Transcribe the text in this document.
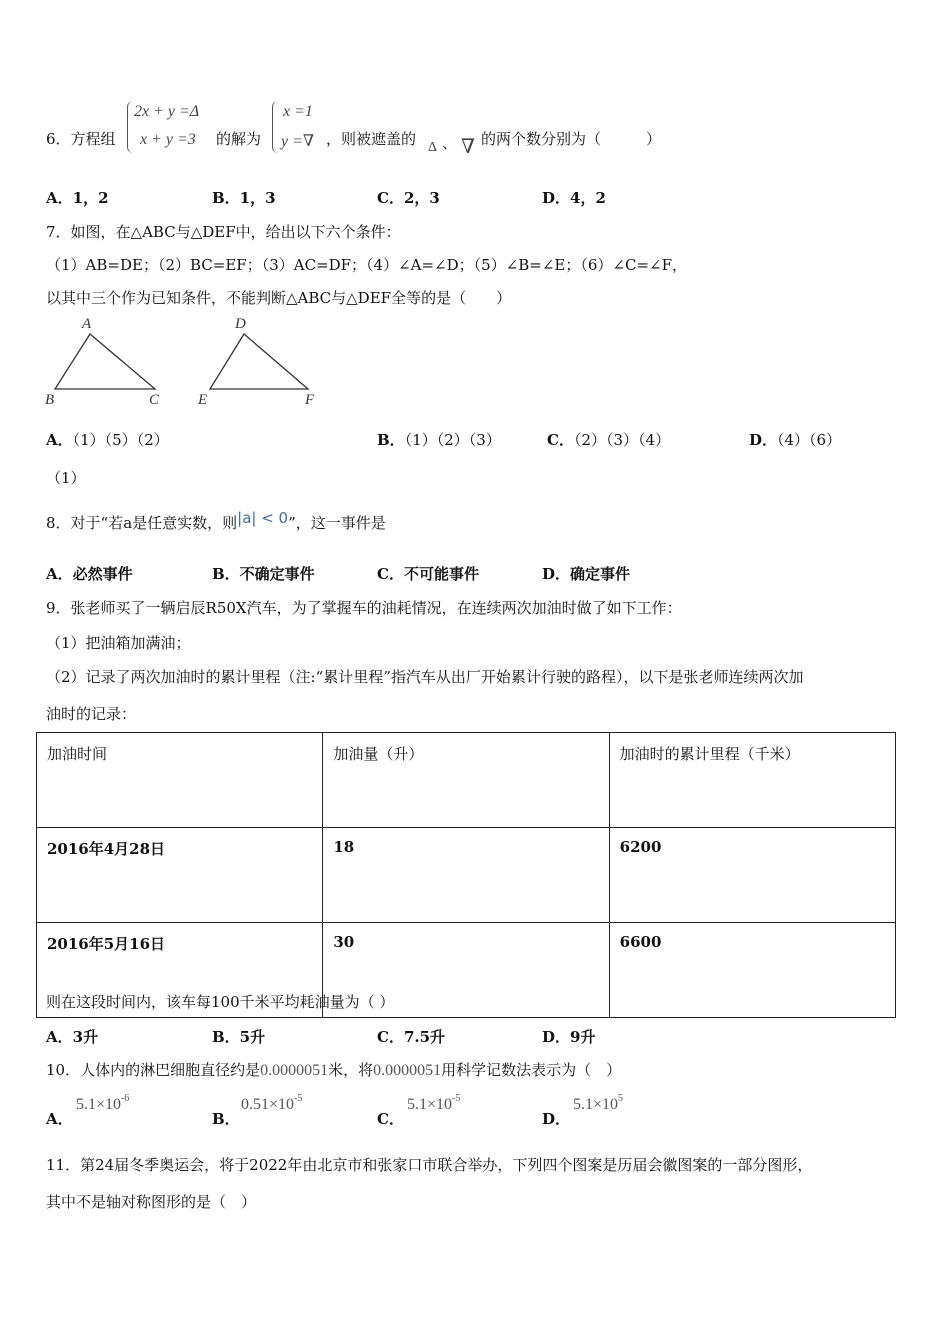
6．方程组
2x + y =Δ
x + y =3 的解为
x =1
y =∇ ，则被遮盖的 Δ 、 ∇ 的两个数分别为（　　　）
A．1，2	B．1，3	C．2，3	D．4，2
7．如图，在△ABC与△DEF中，给出以下六个条件：
（1）AB=DE；（2）BC=EF；（3）AC=DF；（4）∠A=∠D；（5）∠B=∠E；（6）∠C=∠F，
以其中三个作为已知条件，不能判断△ABC与△DEF全等的是（　　）
A
B	C
D
E	F
A．（1）（5）（2）	B．（1）（2）（3）	C．（2）（3）（4）	D．（4）（6）
（1）
8．对于“若a是任意实数，则|a| < 0”，这一事件是
A．必然事件	B．不确定事件	C．不可能事件	D．确定事件
9．张老师买了一辆启辰R50X汽车，为了掌握车的油耗情况，在连续两次加油时做了如下工作：
（1）把油箱加满油；
（2）记录了两次加油时的累计里程（注:“累计里程”指汽车从出厂开始累计行驶的路程），以下是张老师连续两次加
油时的记录：
加油时间	加油量（升）	加油时的累计里程（千米）
2016年4月28日	18	6200
2016年5月16日	30	6600
则在这段时间内，该车每100千米平均耗油量为（ ）
A．3升	B．5升	C．7.5升	D．9升
10．人体内的淋巴细胞直径约是0.0000051米，将0.0000051用科学记数法表示为（　）
A．
$5.1\times 10^{-6}$
B．
$0.51\times 10^{-5}$
C．
$5.1\times 10^{-5}$
D．
$5.1\times 10^5$
11．第24届冬季奥运会，将于2022年由北京市和张家口市联合举办，下列四个图案是历届会徽图案的一部分图形，
其中不是轴对称图形的是（　）
